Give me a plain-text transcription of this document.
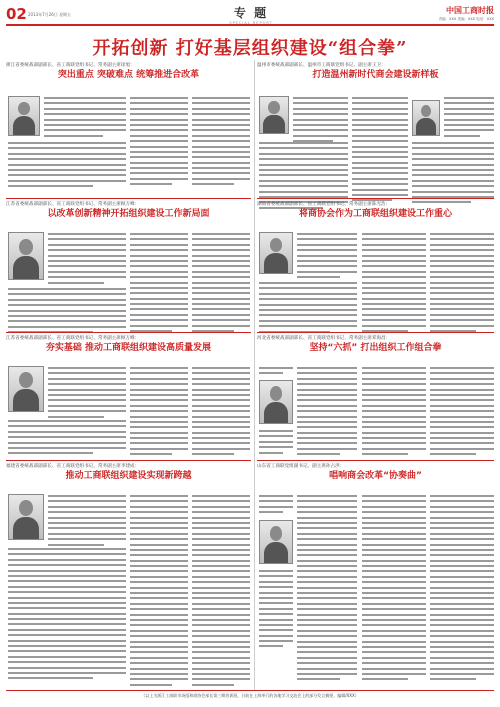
02 2013年7月26日 星期五	专 题
SPECIAL REPORT
中国工商时报
责编：XXX 美编：XXX 电话：XXX
开拓创新 打好基层组织建设“组合拳”
浙江省委统战部副部长、省工商联党组书记、常务副主席徐旭：
突出重点 突破难点 统筹推进合改革
温州市委统战部副部长、温州市工商联党组书记、副主席王卫：
打造温州新时代商会建设新样板
江苏省委统战部副部长、省工商联党组书记、常务副主席顾万峰：
以改革创新精神开拓组织建设工作新局面
湖南省委统战部副部长、省工商联党组书记、常务副主席陈光浩：
将商协会作为工商联组织建设工作重心
江苏省委统战部副部长、省工商联党组书记、常务副主席顾万峰：
夯实基础 推动工商联组织建设高质量发展
河北省委统战部副部长、省工商联党组书记、常务副主席邓海昌：
坚持“六抓” 打出组织工作组合拳
福建省委统战部副部长、省工商联党组书记、常务副主席李建成：
推动工商联组织建设实现新跨越
山东省工商联党组副书记、副主席孙占洪：
唱响商会改革“协奏曲”
（以上为浙江工商联市场组和商协会部长第三期培训班，日前在上海举行的各地学习交流会上的部分发言摘要。编辑/XXX）
